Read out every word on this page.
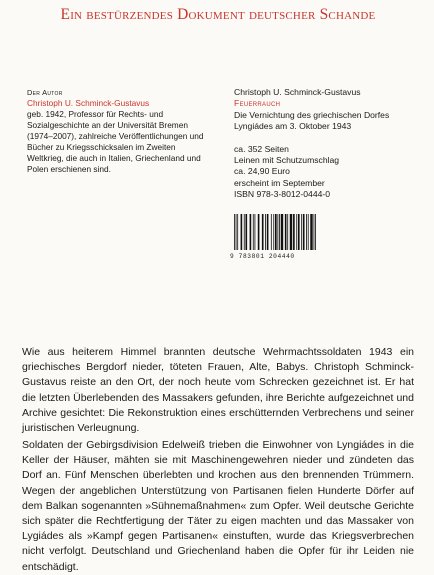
Ein bestürzendes Dokument deutscher Schande
Der Autor
Christoph U. Schminck-Gustavus
geb. 1942, Professor für Rechts- und Sozialgeschichte an der Universität Bremen (1974–2007), zahlreiche Veröffentlichungen und Bücher zu Kriegsschicksalen im Zweiten Weltkrieg, die auch in Italien, Griechenland und Polen erschienen sind.
Christoph U. Schminck-Gustavus
Feuerrauch
Die Vernichtung des griechischen Dorfes Lyngiádes am 3. Oktober 1943
ca. 352 Seiten
Leinen mit Schutzumschlag
ca. 24,90 Euro
erscheint im September
ISBN 978-3-8012-0444-0
9 783801 204440

Wie aus heiterem Himmel brannten deutsche Wehrmachtssoldaten 1943 ein griechisches Bergdorf nieder, töteten Frauen, Alte, Babys. Christoph Schminck-Gustavus reiste an den Ort, der noch heute vom Schrecken gezeichnet ist. Er hat die letzten Überlebenden des Massakers gefunden, ihre Berichte aufgezeichnet und Archive gesichtet: Die Rekonstruktion eines erschütternden Verbrechens und seiner juristischen Verleugnung.

Soldaten der Gebirgsdivision Edelweiß trieben die Einwohner von Lyngiádes in die Keller der Häuser, mähten sie mit Maschinengewehren nieder und zündeten das Dorf an. Fünf Menschen überlebten und krochen aus den brennenden Trümmern. Wegen der angeblichen Unterstützung von Partisanen fielen Hunderte Dörfer auf dem Balkan sogenannten »Sühnemaßnahmen« zum Opfer. Weil deutsche Gerichte sich später die Rechtfertigung der Täter zu eigen machten und das Massaker von Lygiádes als »Kampf gegen Partisanen« einstuften, wurde das Kriegsverbrechen nicht verfolgt. Deutschland und Griechenland haben die Opfer für ihr Leiden nie entschädigt.
